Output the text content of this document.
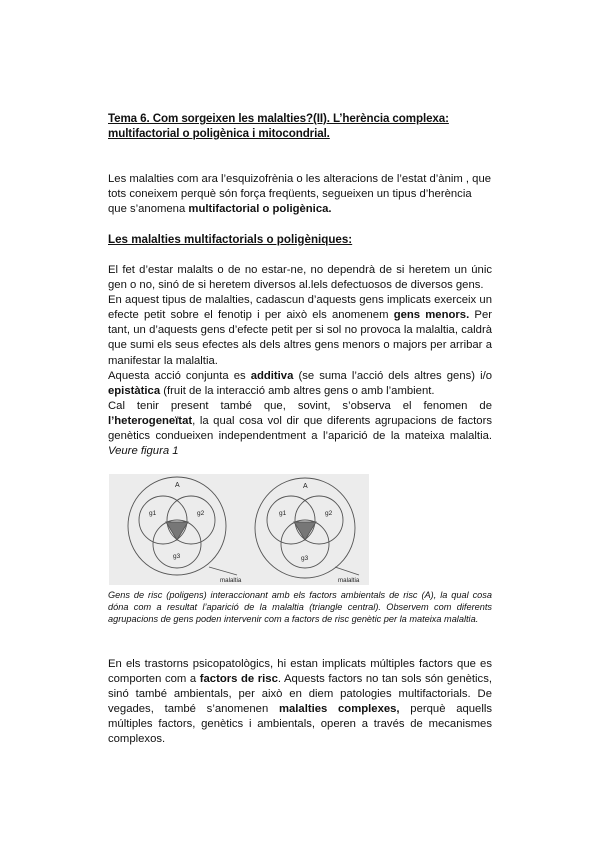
Tema 6. Com sorgeixen les malalties?(II). L’herència complexa:
multifactorial o poligènica i mitocondrial.
Les malalties com ara l’esquizofrènia o les alteracions de l’estat d’ànim , que tots coneixem perquè són força freqüents, segueixen un tipus d’herència que s’anomena multifactorial o poligènica.
Les malalties multifactorials o poligèniques:
El fet d’estar malalts o de no estar-ne, no dependrà de si heretem un únic gen o no, sinó de si heretem diversos al.lels defectuosos de diversos gens.
En aquest tipus de malalties, cadascun d’aquests gens implicats exerceix un efecte petit sobre el fenotip i per això els anomenem gens menors. Per tant, un d’aquests gens d’efecte petit per si sol no provoca la malaltia, caldrà que sumi els seus efectes als dels altres gens menors o majors per arribar a manifestar la malaltia.
Aquesta acció conjunta es additiva (se suma l’acció dels altres gens) i/o epistàtica (fruit de la interacció amb altres gens o amb l’ambient.
Cal tenir present també que, sovint, s’observa el fenomen de l’heterogeneïtat, la qual cosa vol dir que diferents agrupacions de factors genètics condueixen independentment a l’aparició de la mateixa malaltia. Veure figura 1
A
g1	g2
g3
malaltia
A
g1	g2
g3
malaltia
Gens de risc (poligens) interaccionant amb els factors ambientals de risc (A), la qual cosa dóna com a resultat l’aparició de la malaltia (triangle central). Observem com diferents agrupacions de gens poden intervenir com a factors de risc genètic per la mateixa malaltia.
En els trastorns psicopatològics, hi estan implicats múltiples factors que es comporten com a factors de risc. Aquests factors no tan sols són genètics, sinó també ambientals, per això en diem patologies multifactorials. De vegades, també s’anomenen malalties complexes, perquè aquells múltiples factors, genètics i ambientals, operen a través de mecanismes complexos.
